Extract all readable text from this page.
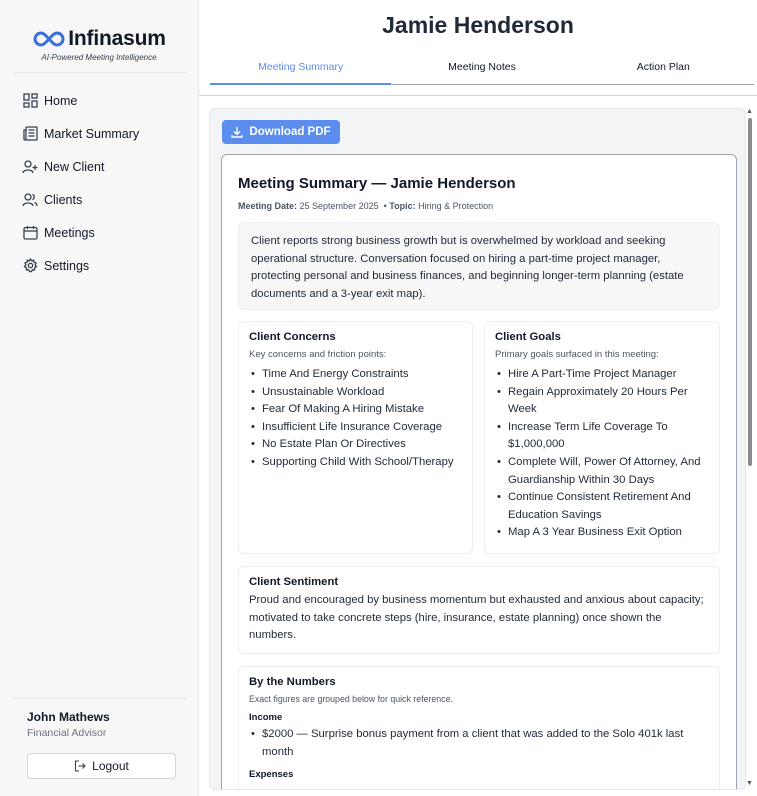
Infinasum
AI-Powered Meeting Intelligence
Home
Market Summary
New Client
Clients
Meetings
Settings
John Mathews
Financial Advisor
Logout
Jamie Henderson
Meeting Summary	Meeting Notes	Action Plan
Download PDF
Meeting Summary — Jamie Henderson
Meeting Date: 25 September 2025  • Topic: Hiring & Protection
Client reports strong business growth but is overwhelmed by workload and seeking operational structure. Conversation focused on hiring a part-time project manager, protecting personal and business finances, and beginning longer-term planning (estate documents and a 3-year exit map).
Client Concerns
Key concerns and friction points:
• Time And Energy Constraints
• Unsustainable Workload
• Fear Of Making A Hiring Mistake
• Insufficient Life Insurance Coverage
• No Estate Plan Or Directives
• Supporting Child With School/Therapy
Client Goals
Primary goals surfaced in this meeting:
• Hire A Part-Time Project Manager
• Regain Approximately 20 Hours Per Week
• Increase Term Life Coverage To $1,000,000
• Complete Will, Power Of Attorney, And Guardianship Within 30 Days
• Continue Consistent Retirement And Education Savings
• Map A 3 Year Business Exit Option
Client Sentiment
Proud and encouraged by business momentum but exhausted and anxious about capacity; motivated to take concrete steps (hire, insurance, estate planning) once shown the numbers.
By the Numbers
Exact figures are grouped below for quick reference.
Income
• $2000 — Surprise bonus payment from a client that was added to the Solo 401k last month
Expenses
▲
▼
